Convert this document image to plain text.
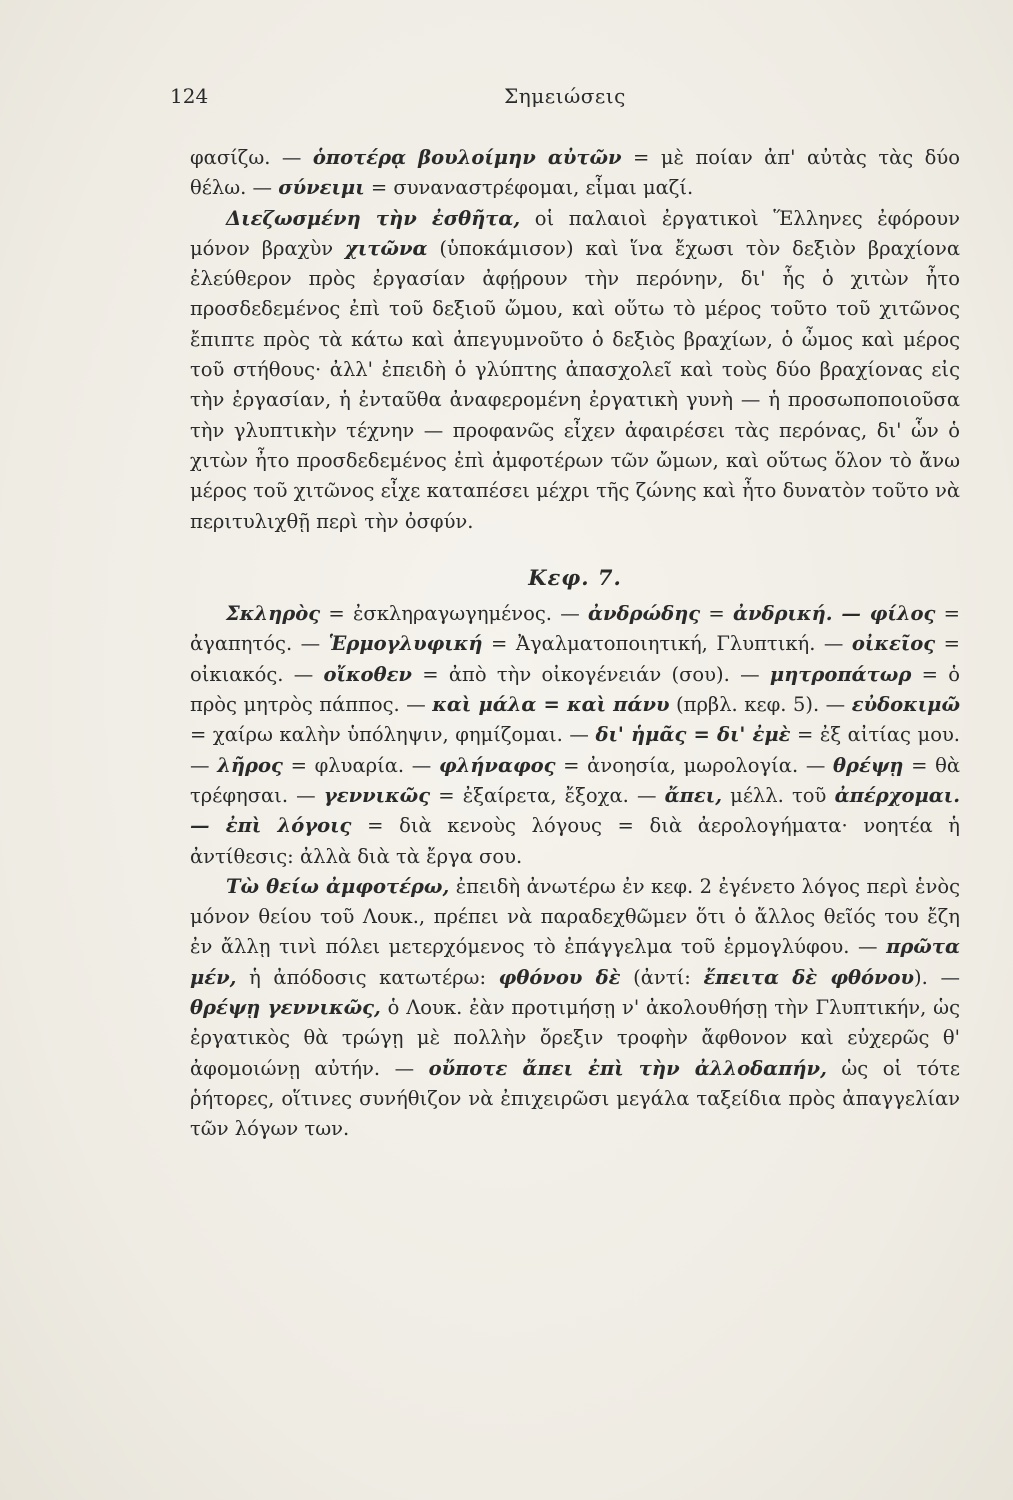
124	Σημειώσεις

φασίζω. — ὁποτέρᾳ βουλοίμην αὐτῶν = μὲ ποίαν ἀπ' αὐτὰς τὰς δύο θέλω. — σύνειμι = συναναστρέφομαι, εἶμαι μαζί.

Διεζωσμένη τὴν ἐσθῆτα, οἱ παλαιοὶ ἐργατικοὶ Ἕλληνες ἐφόρουν μόνον βραχὺν χιτῶνα (ὑποκάμισον) καὶ ἵνα ἔχωσι τὸν δεξιὸν βραχίονα ἐλεύθερον πρὸς ἐργασίαν ἀφῄρουν τὴν περόνην, δι' ἧς ὁ χιτὼν ἦτο προσδεδεμένος ἐπὶ τοῦ δεξιοῦ ὤμου, καὶ οὕτω τὸ μέρος τοῦτο τοῦ χιτῶνος ἔπιπτε πρὸς τὰ κάτω καὶ ἀπεγυμνοῦτο ὁ δεξιὸς βραχίων, ὁ ὦμος καὶ μέρος τοῦ στήθους· ἀλλ' ἐπειδὴ ὁ γλύπτης ἀπασχολεῖ καὶ τοὺς δύο βραχίονας εἰς τὴν ἐργασίαν, ἡ ἐνταῦθα ἀναφερομένη ἐργατικὴ γυνὴ — ἡ προσωποποιοῦσα τὴν γλυπτικὴν τέχνην — προφανῶς εἶχεν ἀφαιρέσει τὰς περόνας, δι' ὧν ὁ χιτὼν ἦτο προσδεδεμένος ἐπὶ ἀμφοτέρων τῶν ὤμων, καὶ οὕτως ὅλον τὸ ἄνω μέρος τοῦ χιτῶνος εἶχε καταπέσει μέχρι τῆς ζώνης καὶ ἦτο δυνατὸν τοῦτο νὰ περιτυλιχθῇ περὶ τὴν ὀσφύν.

Κεφ. 7.

Σκληρὸς = ἐσκληραγωγημένος. — ἀνδρώδης = ἀνδρική. — φίλος = ἀγαπητός. — Ἑρμογλυφική = Ἀγαλματοποιητική, Γλυπτική. — οἰκεῖος = οἰκιακός. — οἴκοθεν = ἀπὸ τὴν οἰκογένειάν (σου). — μητροπάτωρ = ὁ πρὸς μητρὸς πάππος. — καὶ μάλα = καὶ πάνυ (πρβλ. κεφ. 5). — εὐδοκιμῶ = χαίρω καλὴν ὑπόληψιν, φημίζομαι. — δι' ἡμᾶς = δι' ἐμὲ = ἐξ αἰτίας μου. — λῆρος = φλυαρία. — φλήναφος = ἀνοησία, μωρολογία. — θρέψῃ = θὰ τρέφησαι. — γεννικῶς = ἐξαίρετα, ἔξοχα. — ἄπει, μέλλ. τοῦ ἀπέρχομαι. — ἐπὶ λόγοις = διὰ κενοὺς λόγους = διὰ ἀερολογήματα· νοητέα ἡ ἀντίθεσις: ἀλλὰ διὰ τὰ ἔργα σου.

Τὼ θείω ἀμφοτέρω, ἐπειδὴ ἀνωτέρω ἐν κεφ. 2 ἐγένετο λόγος περὶ ἑνὸς μόνον θείου τοῦ Λουκ., πρέπει νὰ παραδεχθῶμεν ὅτι ὁ ἄλλος θεῖός του ἔζη ἐν ἄλλῃ τινὶ πόλει μετερχόμενος τὸ ἐπάγγελμα τοῦ ἑρμογλύφου. — πρῶτα μέν, ἡ ἀπόδοσις κατωτέρω: φθόνου δὲ (ἀντί: ἔπειτα δὲ φθόνου). — θρέψῃ γεννικῶς, ὁ Λουκ. ἐὰν προτιμήσῃ ν' ἀκολουθήσῃ τὴν Γλυπτικήν, ὡς ἐργατικὸς θὰ τρώγῃ μὲ πολλὴν ὄρεξιν τροφὴν ἄφθονον καὶ εὐχερῶς θ' ἀφομοιώνῃ αὐτήν. — οὔποτε ἄπει ἐπὶ τὴν ἀλλοδαπήν, ὡς οἱ τότε ῥήτορες, οἵτινες συνήθιζον νὰ ἐπιχειρῶσι μεγάλα ταξείδια πρὸς ἀπαγγελίαν τῶν λόγων των.
